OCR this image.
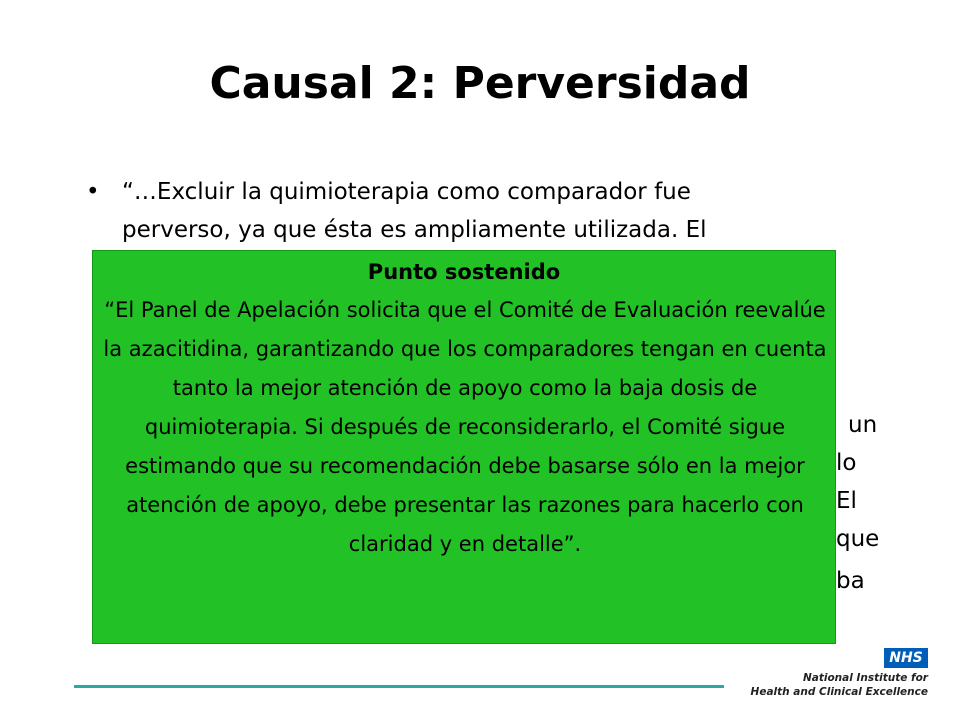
Causal 2: Perversidad
• “…Excluir la quimioterapia como comparador fue
perverso, ya que ésta es ampliamente utilizada. El
un
lo
El
que
ba
Punto sostenido
“El Panel de Apelación solicita que el Comité de Evaluación reevalúe la azacitidina, garantizando que los comparadores tengan en cuenta tanto la mejor atención de apoyo como la baja dosis de quimioterapia. Si después de reconsiderarlo, el Comité sigue estimando que su recomendación debe basarse sólo en la mejor atención de apoyo, debe presentar las razones para hacerlo con claridad y en detalle”.
NHS
National Institute for
Health and Clinical Excellence
